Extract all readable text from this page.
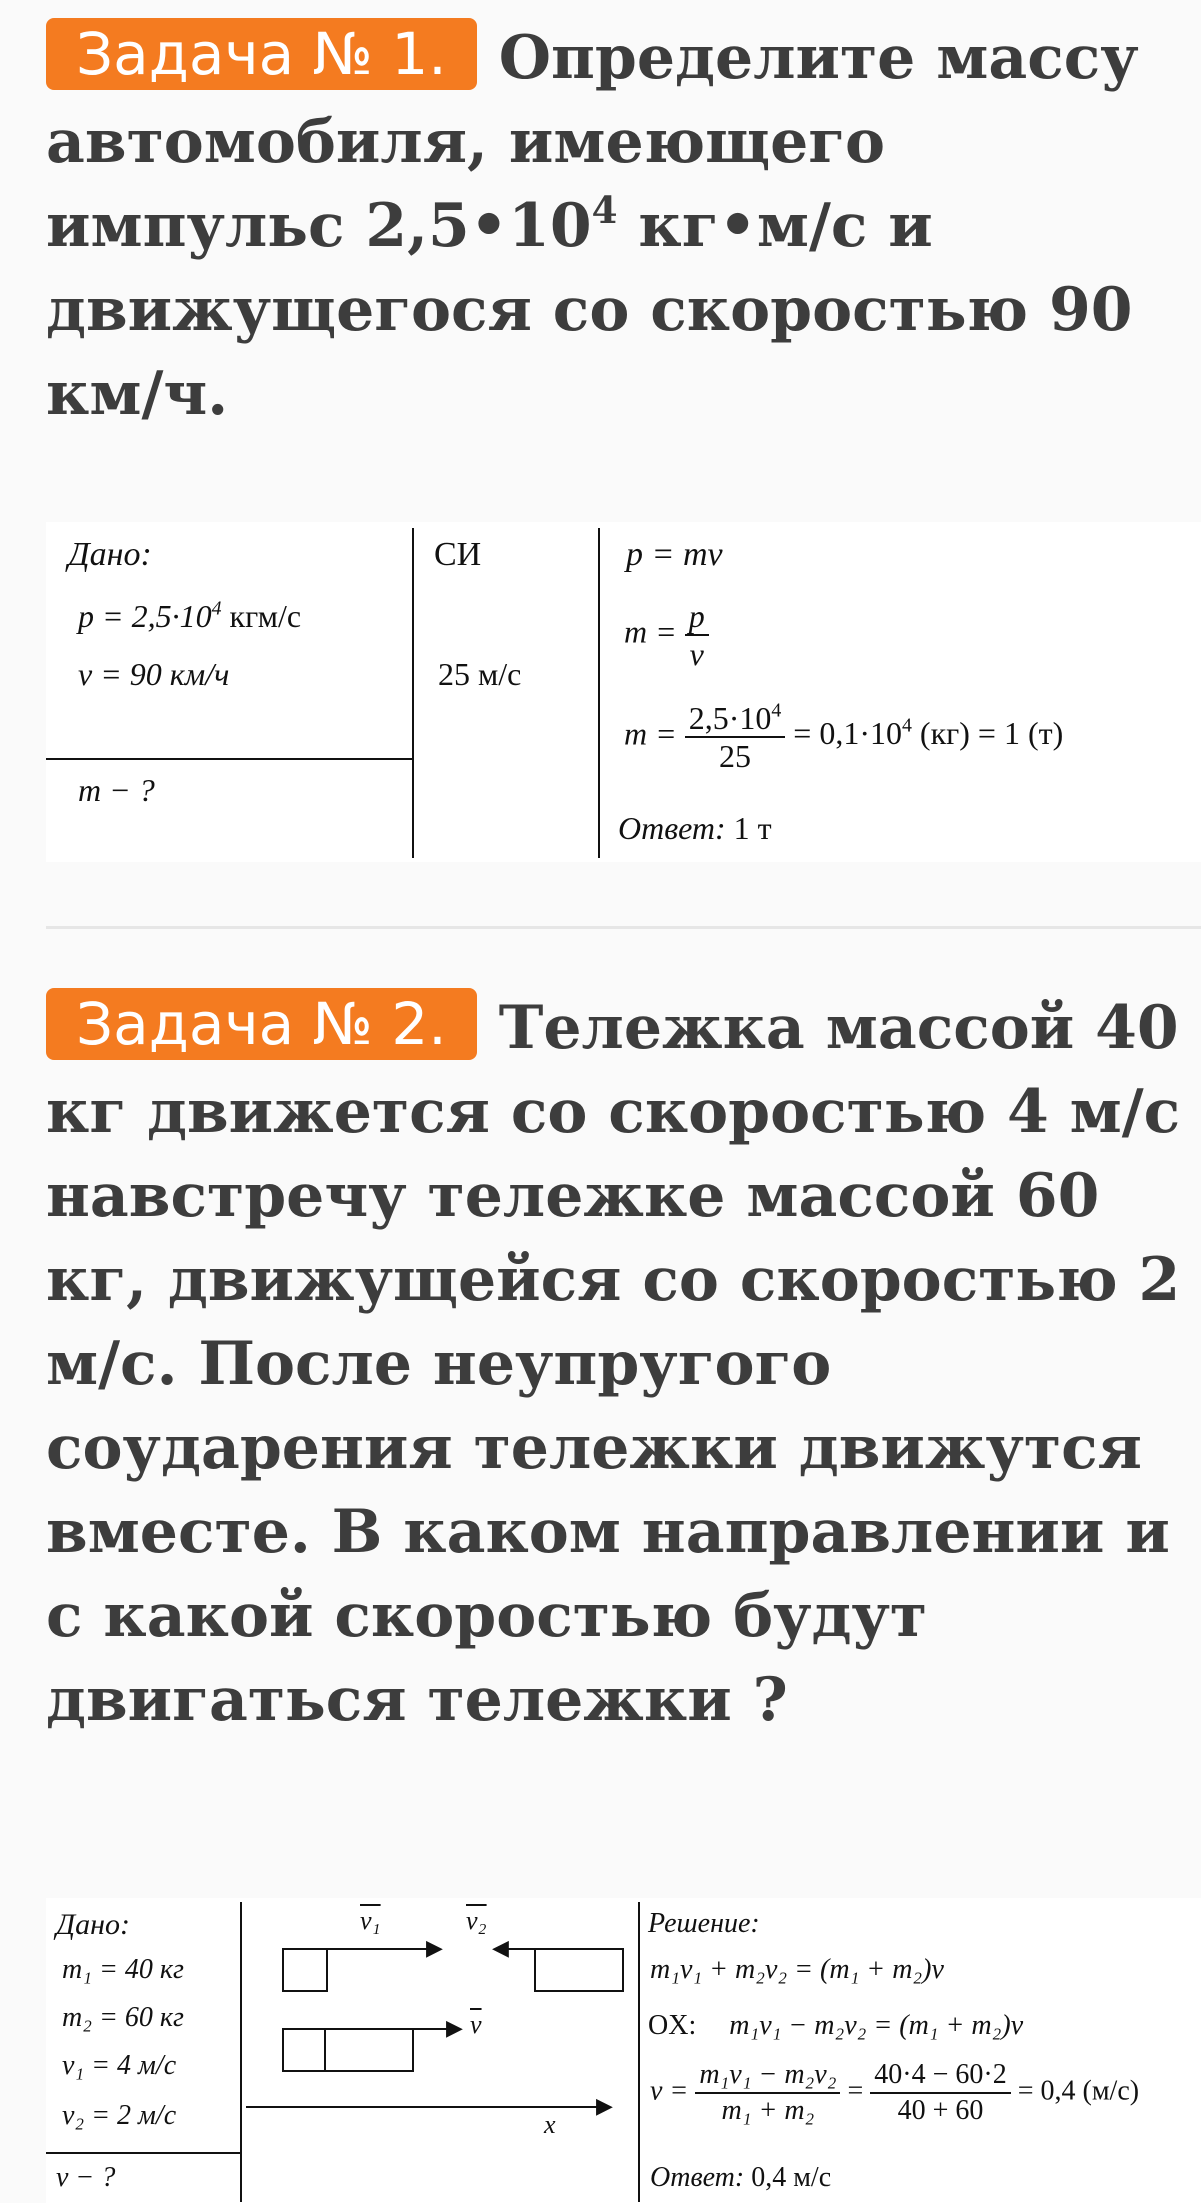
Задача № 1. Определите массу автомобиля, имеющего импульс $2,5•10^4$ кг•м/с и движущегося со скоростью 90 км/ч.

Дано:
$p = 2,5\cdot 10^4$ кгм/с
v = 90 км/ч
m − ?
СИ
25 м/с
p = mv
$m = \frac{p}{v}$
$m = \frac{2,5\cdot 10^4}{25} = 0,1\cdot 10^4$ (кг) = 1 (т)
Ответ: 1 т

Задача № 2. Тележка массой 40 кг движется со скоростью 4 м/с навстречу тележке массой 60 кг, движущейся со скоростью 2 м/с. После неупругого соударения тележки движутся вместе. В каком направлении и с какой скоростью будут двигаться тележки ?

Дано:
m₁ = 40 кг
m₂ = 60 кг
v₁ = 4 м/с
v₂ = 2 м/с
v − ?
▶
v₁
◀
v₂
▶ $\overline{v}$
▶
x
Решение:
m₁v₁ + m₂v₂ = (m₁ + m₂)v
OX: m₁v₁ − m₂v₂ = (m₁ + m₂)v
$v = \frac{\text{m₁v₁ − m₂v₂}}{\text{m₁ + m₂}} = \frac{40\cdot 4 - 60\cdot 2}{40 + 60} = 0,4$ (м/с)
Ответ: 0,4 м/с
